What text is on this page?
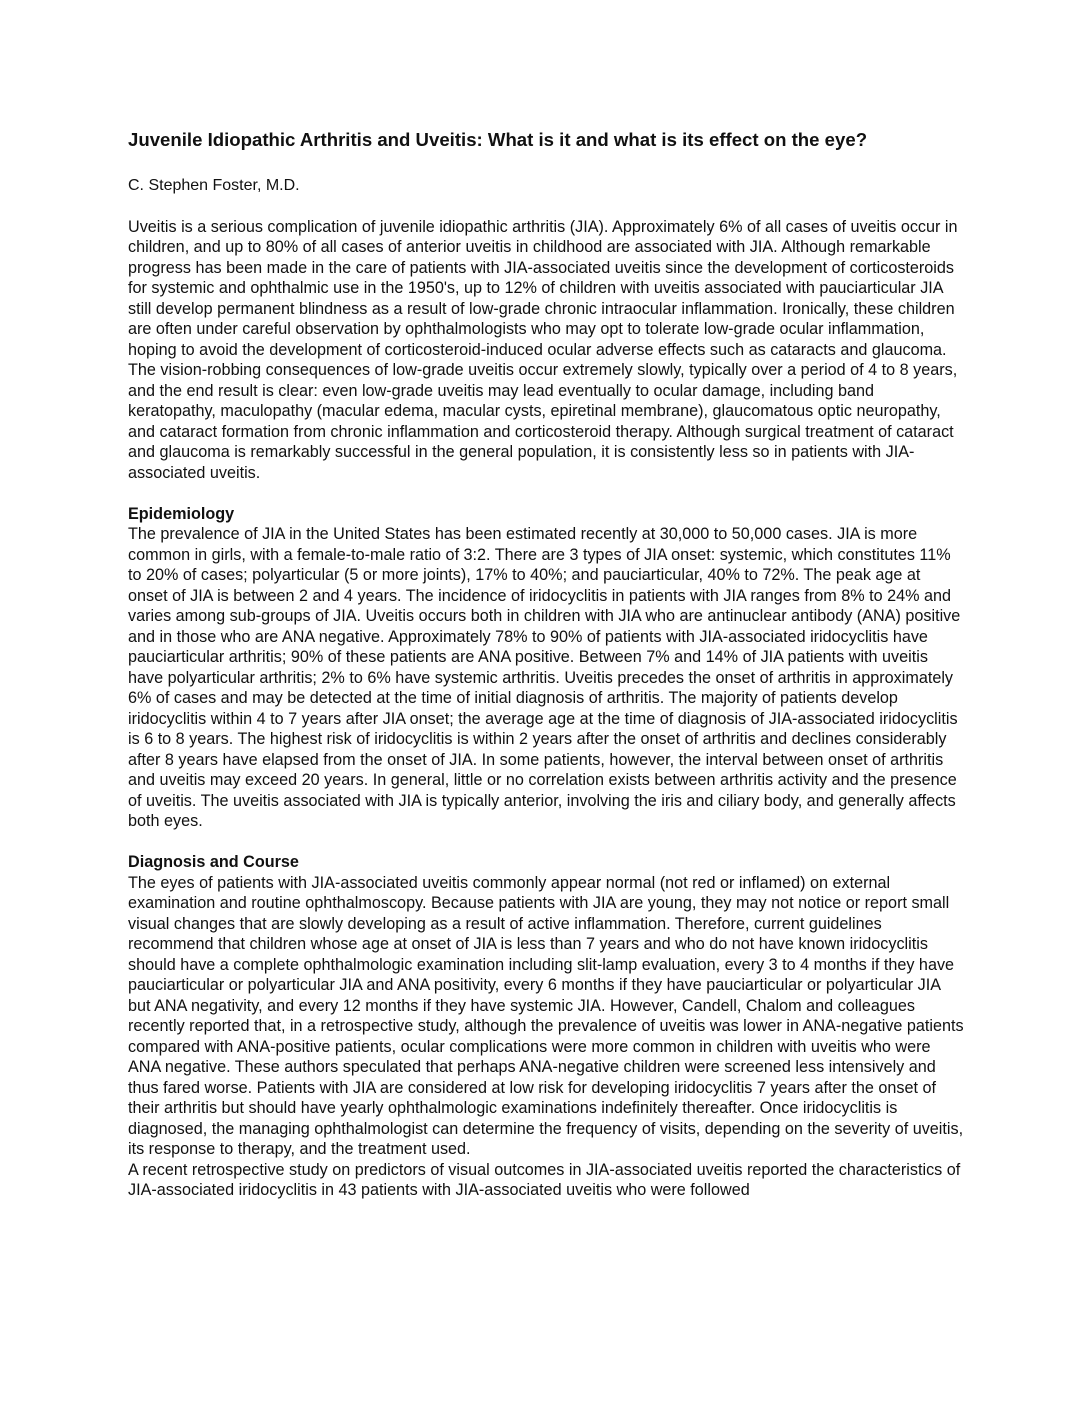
Juvenile Idiopathic Arthritis and Uveitis: What is it and what is its effect on the eye?
C. Stephen Foster, M.D.

Uveitis is a serious complication of juvenile idiopathic arthritis (JIA). Approximately 6% of all cases of uveitis occur in children, and up to 80% of all cases of anterior uveitis in childhood are associated with JIA. Although remarkable progress has been made in the care of patients with JIA-associated uveitis since the development of corticosteroids for systemic and ophthalmic use in the 1950's, up to 12% of children with uveitis associated with pauciarticular JIA still develop permanent blindness as a result of low-grade chronic intraocular inflammation. Ironically, these children are often under careful observation by ophthalmologists who may opt to tolerate low-grade ocular inflammation, hoping to avoid the development of corticosteroid-induced ocular adverse effects such as cataracts and glaucoma. The vision-robbing consequences of low-grade uveitis occur extremely slowly, typically over a period of 4 to 8 years, and the end result is clear: even low-grade uveitis may lead eventually to ocular damage, including band keratopathy, maculopathy (macular edema, macular cysts, epiretinal membrane), glaucomatous optic neuropathy, and cataract formation from chronic inflammation and corticosteroid therapy. Although surgical treatment of cataract and glaucoma is remarkably successful in the general population, it is consistently less so in patients with JIA-associated uveitis.

Epidemiology

The prevalence of JIA in the United States has been estimated recently at 30,000 to 50,000 cases. JIA is more common in girls, with a female-to-male ratio of 3:2. There are 3 types of JIA onset: systemic, which constitutes 11% to 20% of cases; polyarticular (5 or more joints), 17% to 40%; and pauciarticular, 40% to 72%. The peak age at onset of JIA is between 2 and 4 years. The incidence of iridocyclitis in patients with JIA ranges from 8% to 24% and varies among sub-groups of JIA. Uveitis occurs both in children with JIA who are antinuclear antibody (ANA) positive and in those who are ANA negative. Approximately 78% to 90% of patients with JIA-associated iridocyclitis have pauciarticular arthritis; 90% of these patients are ANA positive. Between 7% and 14% of JIA patients with uveitis have polyarticular arthritis; 2% to 6% have systemic arthritis. Uveitis precedes the onset of arthritis in approximately 6% of cases and may be detected at the time of initial diagnosis of arthritis. The majority of patients develop iridocyclitis within 4 to 7 years after JIA onset; the average age at the time of diagnosis of JIA-associated iridocyclitis is 6 to 8 years. The highest risk of iridocyclitis is within 2 years after the onset of arthritis and declines considerably after 8 years have elapsed from the onset of JIA. In some patients, however, the interval between onset of arthritis and uveitis may exceed 20 years. In general, little or no correlation exists between arthritis activity and the presence of uveitis. The uveitis associated with JIA is typically anterior, involving the iris and ciliary body, and generally affects both eyes.

Diagnosis and Course

The eyes of patients with JIA-associated uveitis commonly appear normal (not red or inflamed) on external examination and routine ophthalmoscopy. Because patients with JIA are young, they may not notice or report small visual changes that are slowly developing as a result of active inflammation. Therefore, current guidelines recommend that children whose age at onset of JIA is less than 7 years and who do not have known iridocyclitis should have a complete ophthalmologic examination including slit-lamp evaluation, every 3 to 4 months if they have pauciarticular or polyarticular JIA and ANA positivity, every 6 months if they have pauciarticular or polyarticular JIA but ANA negativity, and every 12 months if they have systemic JIA. However, Candell, Chalom and colleagues recently reported that, in a retrospective study, although the prevalence of uveitis was lower in ANA-negative patients compared with ANA-positive patients, ocular complications were more common in children with uveitis who were ANA negative. These authors speculated that perhaps ANA-negative children were screened less intensively and thus fared worse. Patients with JIA are considered at low risk for developing iridocyclitis 7 years after the onset of their arthritis but should have yearly ophthalmologic examinations indefinitely thereafter. Once iridocyclitis is diagnosed, the managing ophthalmologist can determine the frequency of visits, depending on the severity of uveitis, its response to therapy, and the treatment used.

A recent retrospective study on predictors of visual outcomes in JIA-associated uveitis reported the characteristics of JIA-associated iridocyclitis in 43 patients with JIA-associated uveitis who were followed
